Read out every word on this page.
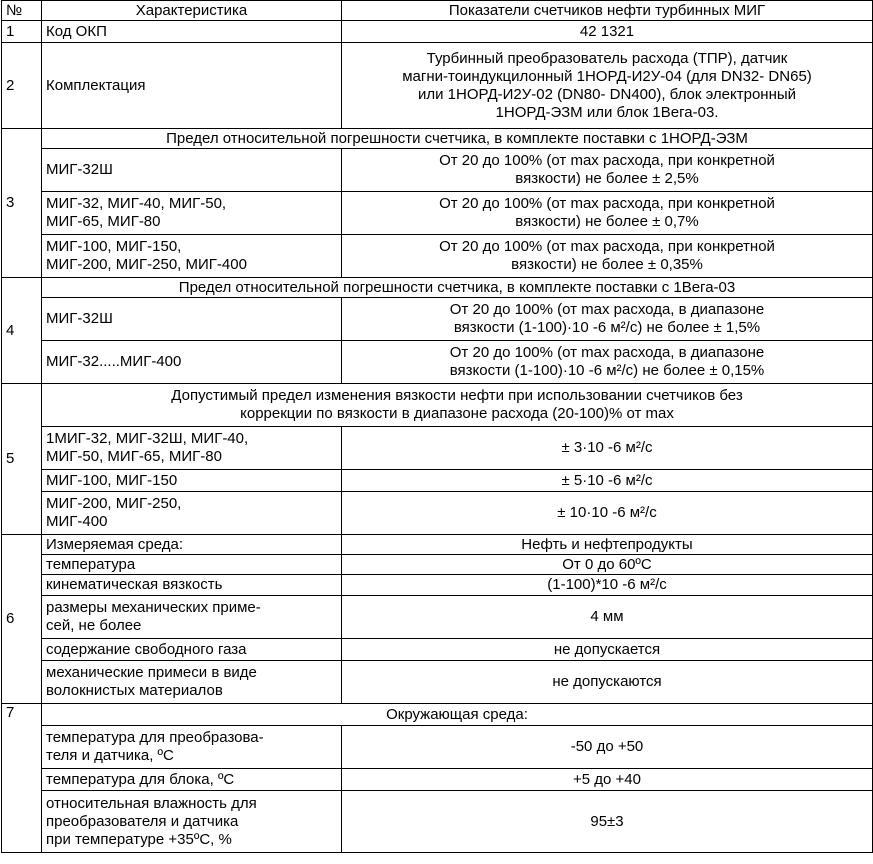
№	Характеристика	Показатели счетчиков нефти турбинных МИГ
1	Код ОКП	42 1321
2	Комплектация	Турбинный преобразователь расхода (ТПР), датчик
магни-тоиндукцилонный 1НОРД-И2У-04 (для DN32- DN65)
или 1НОРД-И2У-02 (DN80- DN400), блок электронный
1НОРД-ЭЗМ или блок 1Bега-03.

3	Предел относительной погрешности счетчика, в комплекте поставки с 1НОРД-ЭЗМ	

	МИГ-32Ш	От 20 до 100% (от max расхода, при конкретной
вязкости) не более ± 2,5%

	МИГ-32, МИГ-40, МИГ-50,
МИГ-65, МИГ-80	От 20 до 100% (от max расхода, при конкретной
вязкости) не более ± 0,7%

	МИГ-100, МИГ-150,
МИГ-200, МИГ-250, МИГ-400	От 20 до 100% (от max расхода, при конкретной
вязкости) не более ± 0,35%

4	Предел относительной погрешности счетчика, в комплекте поставки с 1Bега-03	

	МИГ-32Ш	От 20 до 100% (от max расхода, в диапазоне
вязкости (1-100)·10 -6 м²/с) не более ± 1,5%

	МИГ-32.....МИГ-400	От 20 до 100% (от max расхода, в диапазоне
вязкости (1-100)·10 -6 м²/с) не более ± 0,15%

5	Допустимый предел изменения вязкости нефти при использовании счетчиков без
коррекции по вязкости в диапазоне расхода (20-100)% от max	

	1МИГ-32, МИГ-32Ш, МИГ-40,
МИГ-50, МИГ-65, МИГ-80	± 3·10 -6 м²/с

	МИГ-100, МИГ-150	± 5·10 -6 м²/с

	МИГ-200, МИГ-250,
МИГ-400	± 10·10 -6 м²/с
6	Измеряемая среда:	Нефть и нефтепродукты

	температура	От 0 до 60ºС

	кинематическая вязкость	(1-100)*10 -6 м²/с

	размеры механических приме-
сей, не более	4 мм

	содержание свободного газа	не допускается

	механические примеси в виде
волокнистых материалов	не допускаются
7	Окружающая среда:	

	температура для преобразова-
теля и датчика, ºС	-50 до +50

	температура для блока, ºС	+5 до +40

	относительная влажность для
преобразователя и датчика
при температуре +35ºС, %	95±3
